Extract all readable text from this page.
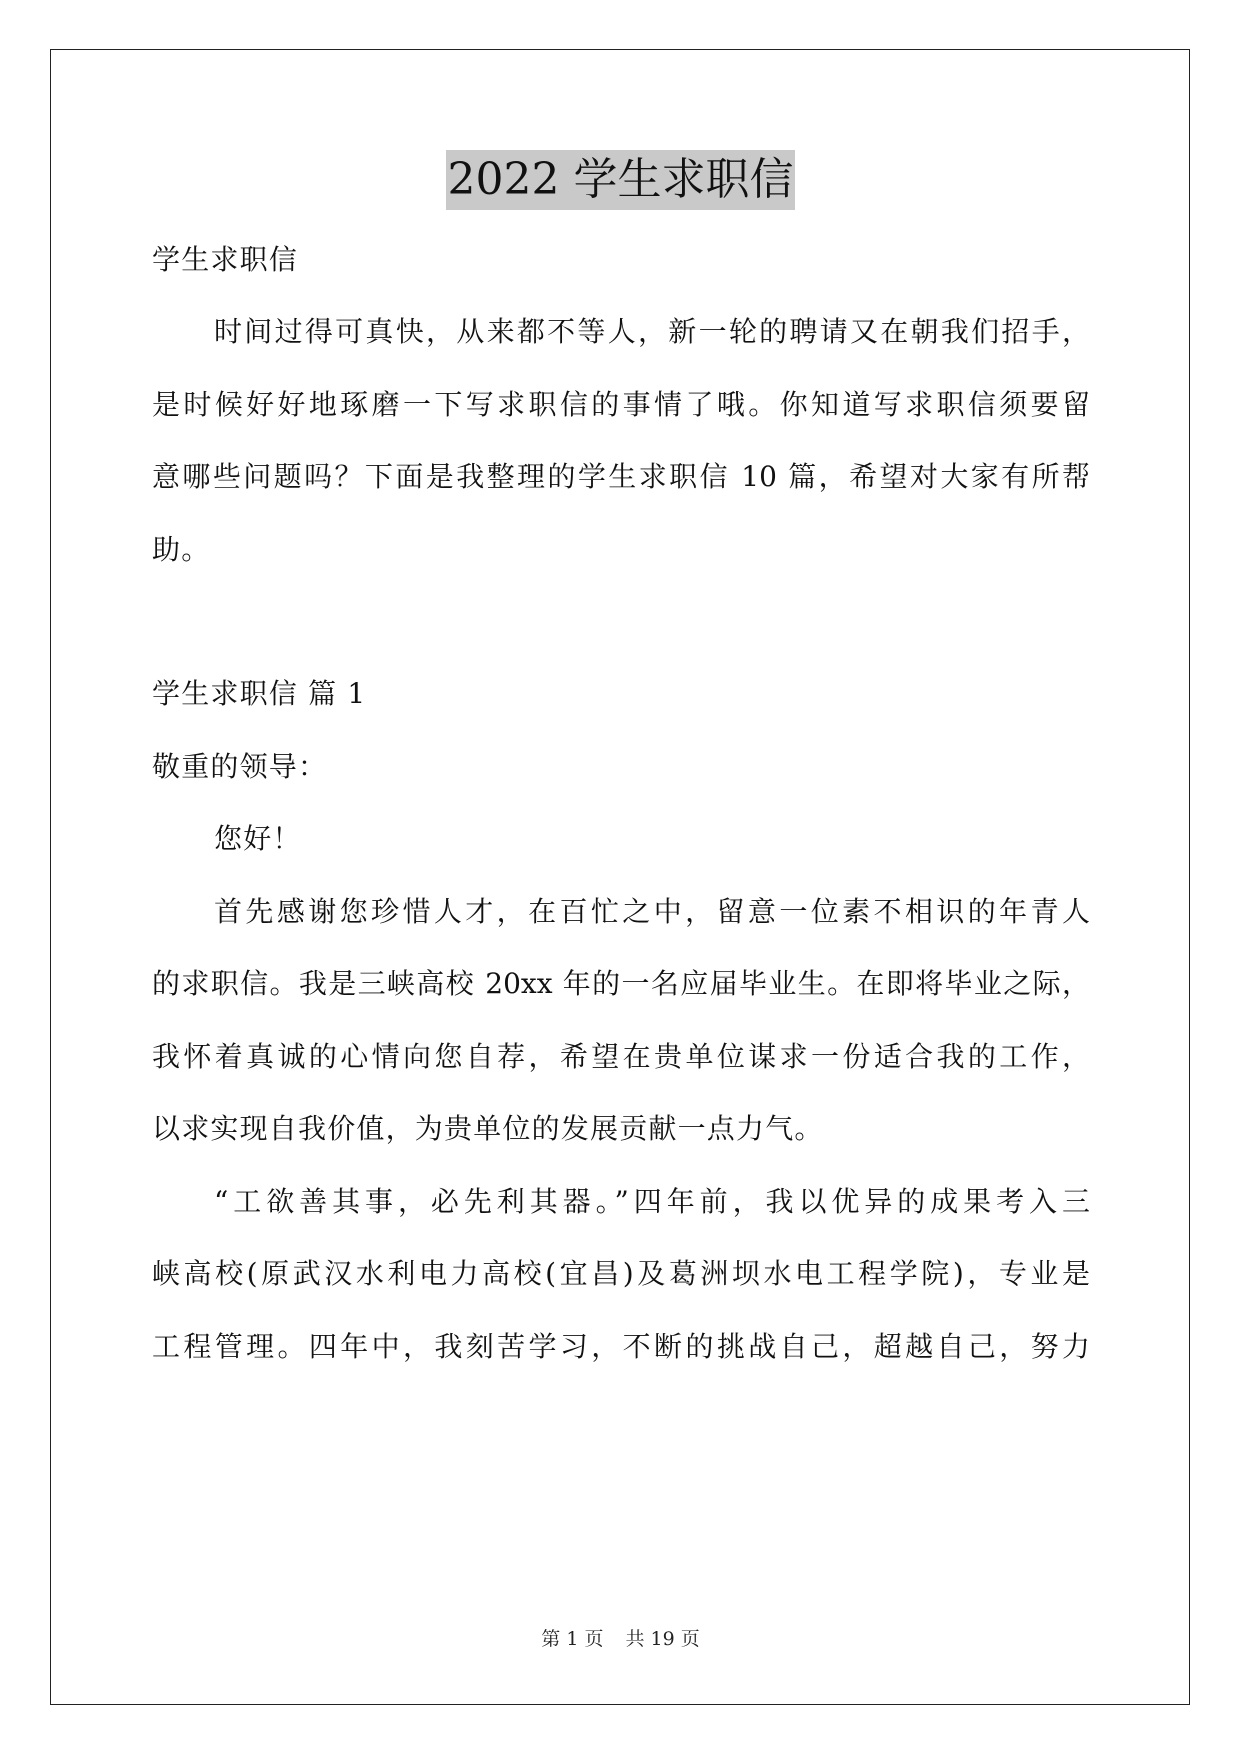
2022 学生求职信
学生求职信
时间过得可真快，从来都不等人，新一轮的聘请又在朝我们招手，
是时候好好地琢磨一下写求职信的事情了哦。你知道写求职信须要留
意哪些问题吗？下面是我整理的学生求职信 10 篇，希望对大家有所帮
助。
学生求职信 篇 1
敬重的领导：
您好！
首先感谢您珍惜人才，在百忙之中，留意一位素不相识的年青人
的求职信。我是三峡高校 20xx 年的一名应届毕业生。在即将毕业之际，
我怀着真诚的心情向您自荐，希望在贵单位谋求一份适合我的工作，
以求实现自我价值，为贵单位的发展贡献一点力气。
“工欲善其事，必先利其器。”四年前，我以优异的成果考入三
峡高校(原武汉水利电力高校(宜昌)及葛洲坝水电工程学院)，专业是
工程管理。四年中，我刻苦学习，不断的挑战自己，超越自己，努力
第 1 页 共 19 页
